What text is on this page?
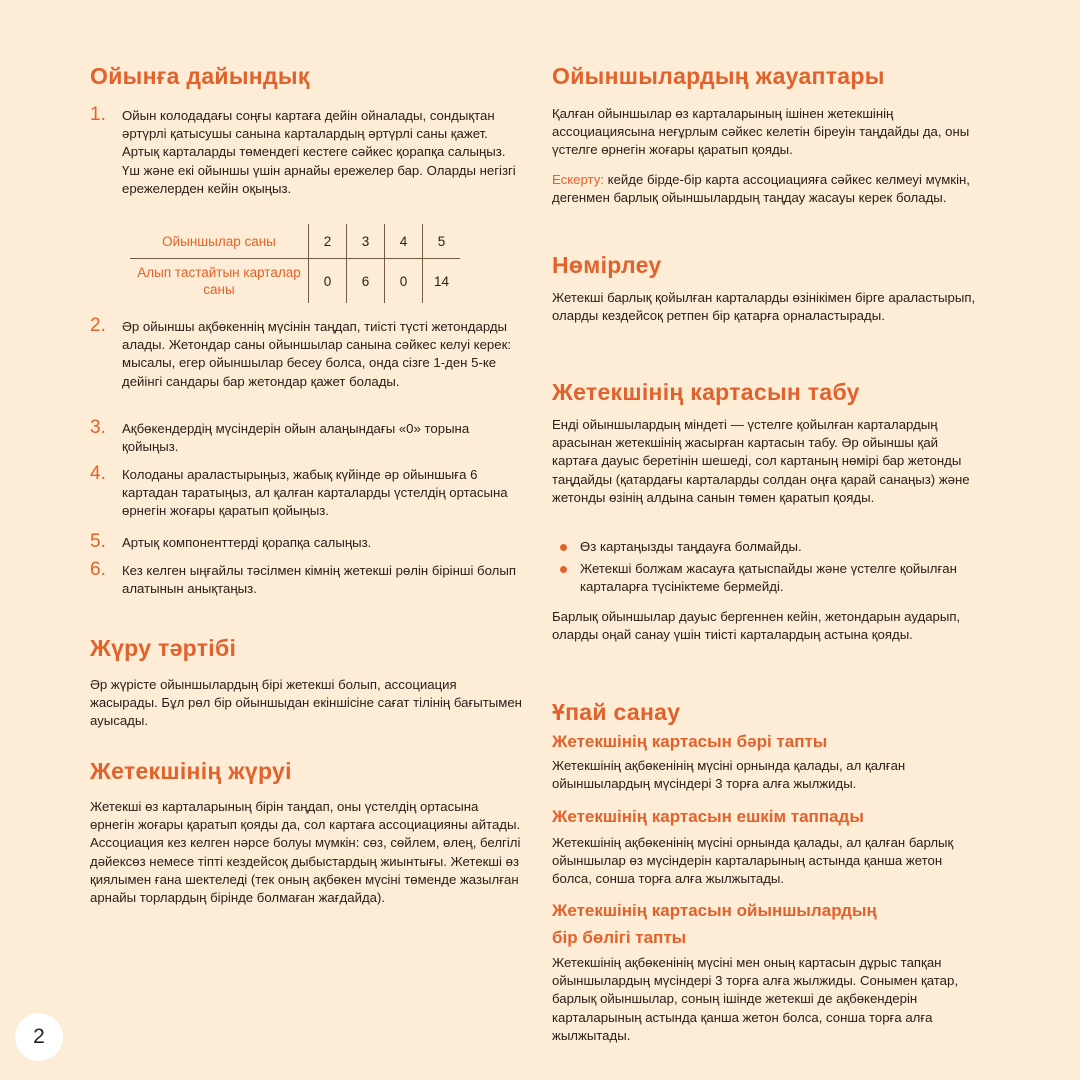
Ойынға дайындық
1. Ойын колодадағы соңғы картаға дейін ойналады, сондықтан әртүрлі қатысушы санына карталардың әртүрлі саны қажет. Артық карталарды төмендегі кестеге сәйкес қорапқа салыңыз. Үш және екі ойыншы үшін арнайы ережелер бар. Оларды негізгі ережелерден кейін оқыңыз.
2. Әр ойыншы ақбөкеннің мүсінін таңдап, тиісті түсті жетондарды алады. Жетондар саны ойыншылар санына сәйкес келуі керек: мысалы, егер ойыншылар бесеу болса, онда сізге 1-ден 5-ке дейінгі сандары бар жетондар қажет болады.
3. Ақбөкендердің мүсіндерін ойын алаңындағы «0» торына қойыңыз.
4. Колоданы араластырыңыз, жабық күйінде әр ойыншыға 6 картадан таратыңыз, ал қалған карталарды үстелдің ортасына өрнегін жоғары қаратып қойыңыз.
5. Артық компоненттерді қорапқа салыңыз.
6. Кез келген ыңғайлы тәсілмен кімнің жетекші рөлін бірінші болып алатынын анықтаңыз.
Ойыншылар саны	2	3	4	5
Алып тастайтын карталар саны	0	6	0	14
Жүру тәртібі

Әр жүрісте ойыншылардың бірі жетекші болып, ассоциация жасырады. Бұл рөл бір ойыншыдан екіншісіне сағат тілінің бағытымен ауысады.

Жетекшінің жүруі

Жетекші өз карталарының бірін таңдап, оны үстелдің ортасына өрнегін жоғары қаратып қояды да, сол картаға ассоциацияны айтады. Ассоциация кез келген нәрсе болуы мүмкін: сөз, сөйлем, өлең, белгілі дәйексөз немесе тіпті кездейсоқ дыбыстардың жиынтығы. Жетекші өз қиялымен ғана шектеледі (тек оның ақбөкен мүсіні төменде жазылған арнайы торлардың бірінде болмаған жағдайда).

Ойыншылардың жауаптары

Қалған ойыншылар өз карталарының ішінен жетекшінің ассоциациясына неғұрлым сәйкес келетін біреуін таңдайды да, оны үстелге өрнегін жоғары қаратып қояды.

Ескерту: кейде бірде-бір карта ассоциацияға сәйкес келмеуі мүмкін, дегенмен барлық ойыншылардың таңдау жасауы керек болады.

Нөмірлеу

Жетекші барлық қойылған карталарды өзінікімен бірге араластырып, оларды кездейсоқ ретпен бір қатарға орналастырады.

Жетекшінің картасын табу

Енді ойыншылардың міндеті — үстелге қойылған карталардың арасынан жетекшінің жасырған картасын табу. Әр ойыншы қай картаға дауыс беретінін шешеді, сол картаның нөмірі бар жетонды таңдайды (қатардағы карталарды солдан оңға қарай санаңыз) және жетонды өзінің алдына санын төмен қаратып қояды.

Өз картаңызды таңдауға болмайды.
Жетекші болжам жасауға қатыспайды және үстелге қойылған карталарға түсініктеме бермейді.

Барлық ойыншылар дауыс бергеннен кейін, жетондарын аударып, оларды оңай санау үшін тиісті карталардың астына қояды.

Ұпай санау
Жетекшінің картасын бәрі тапты

Жетекшінің ақбөкенінің мүсіні орнында қалады, ал қалған ойыншылардың мүсіндері 3 торға алға жылжиды.

Жетекшінің картасын ешкім таппады

Жетекшінің ақбөкенінің мүсіні орнында қалады, ал қалған барлық ойыншылар өз мүсіндерін карталарының астында қанша жетон болса, сонша торға алға жылжытады.

Жетекшінің картасын ойыншылардың
бір бөлігі тапты

Жетекшінің ақбөкенінің мүсіні мен оның картасын дұрыс тапқан ойыншылардың мүсіндері 3 торға алға жылжиды. Сонымен қатар, барлық ойыншылар, соның ішінде жетекші де ақбөкендерін карталарының астында қанша жетон болса, сонша торға алға жылжытады.

2
